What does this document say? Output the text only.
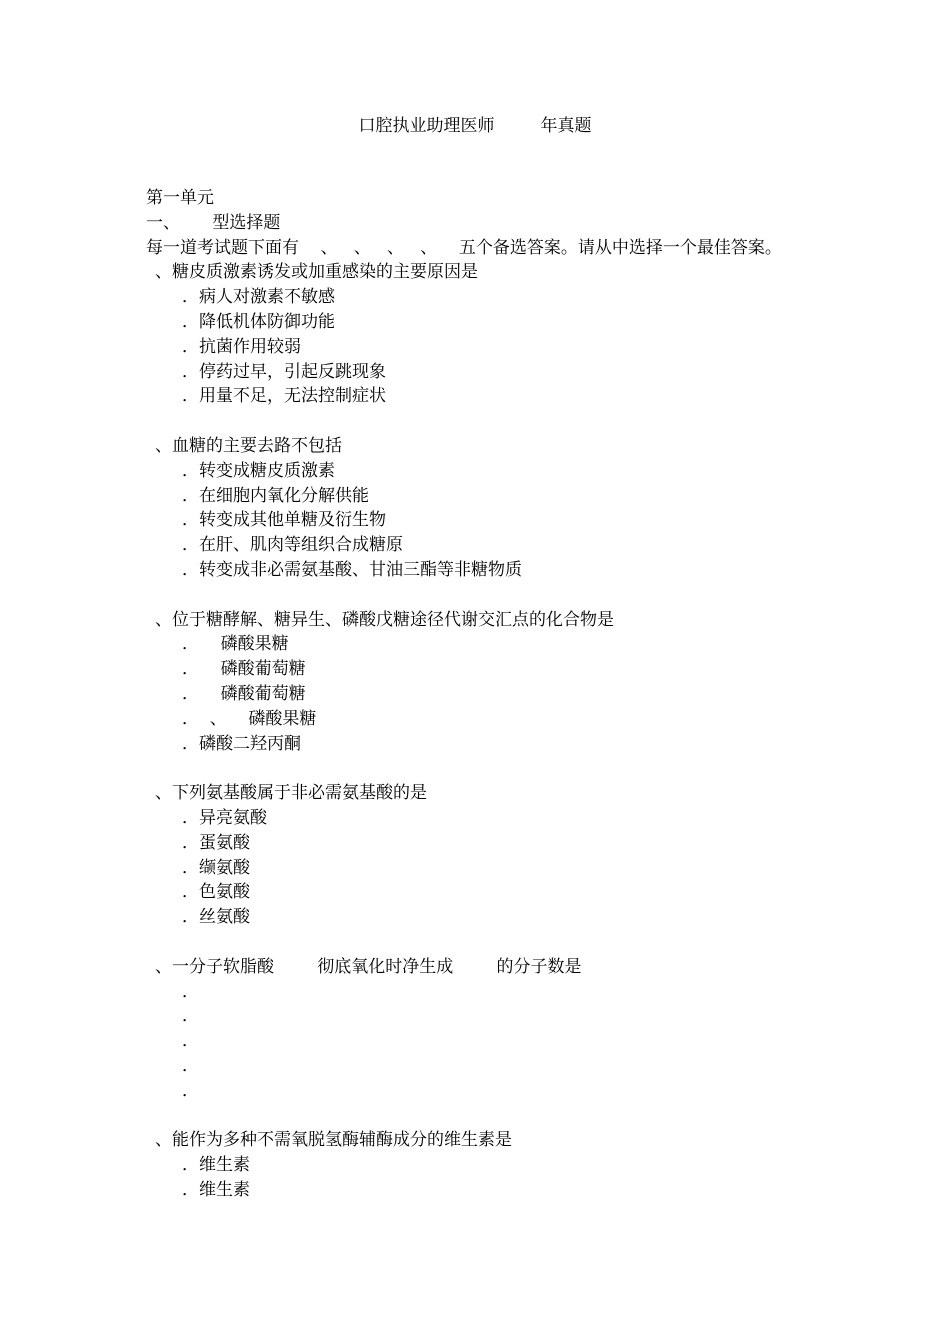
口腔执业助理医师	年真题
第一单元
一、      型选择题
每一道考试题下面有    、   、   、   、    五个备选答案。请从中选择一个最佳答案。
、糖皮质激素诱发或加重感染的主要原因是
．病人对激素不敏感
．降低机体防御功能
．抗菌作用较弱
．停药过早，引起反跳现象
．用量不足，无法控制症状
、血糖的主要去路不包括
．转变成糖皮质激素
．在细胞内氧化分解供能
．转变成其他单糖及衍生物
．在肝、肌肉等组织合成糖原
．转变成非必需氨基酸、甘油三酯等非糖物质
、位于糖酵解、糖异生、磷酸戊糖途径代谢交汇点的化合物是
．    磷酸果糖
．    磷酸葡萄糖
．    磷酸葡萄糖
．  、    磷酸果糖
．磷酸二羟丙酮
、下列氨基酸属于非必需氨基酸的是
．异亮氨酸
．蛋氨酸
．缬氨酸
．色氨酸
．丝氨酸
、一分子软脂酸        彻底氧化时净生成        的分子数是
．
．
．
．
．
、能作为多种不需氧脱氢酶辅酶成分的维生素是
．维生素
．维生素
